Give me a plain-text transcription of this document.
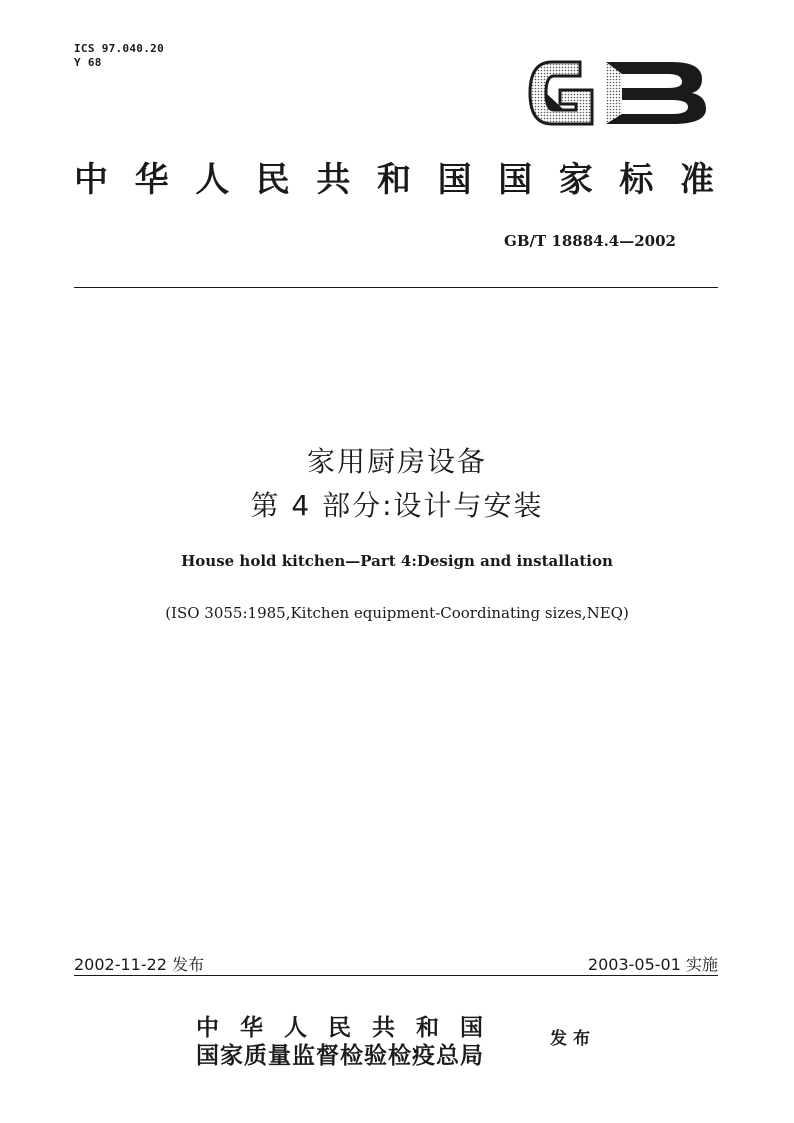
ICS 97.040.20
Y 68
中华人民共和国国家标准
GB/T 18884.4—2002
家用厨房设备
第 4 部分:设计与安装
House hold kitchen—Part 4:Design and installation
(ISO 3055:1985,Kitchen equipment-Coordinating sizes,NEQ)
2002-11-22 发布	2003-05-01 实施
中华人民共和国
国家质量监督检验检疫总局
发布
